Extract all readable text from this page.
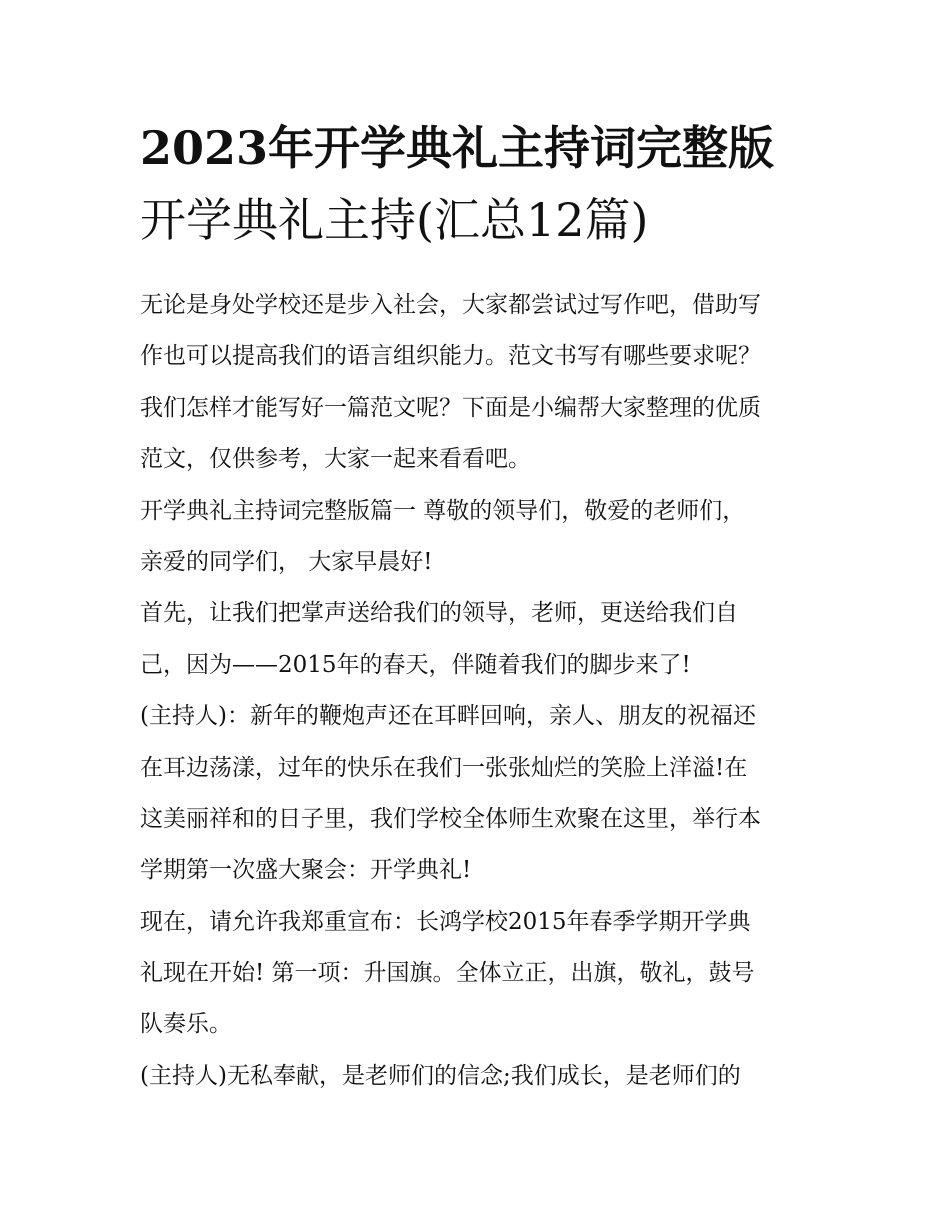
2023年开学典礼主持词完整版
开学典礼主持(汇总12篇)
无论是身处学校还是步入社会，大家都尝试过写作吧，借助写
作也可以提高我们的语言组织能力。范文书写有哪些要求呢？
我们怎样才能写好一篇范文呢？下面是小编帮大家整理的优质
范文，仅供参考，大家一起来看看吧。
开学典礼主持词完整版篇一 尊敬的领导们，敬爱的老师们，
亲爱的同学们， 大家早晨好!
首先，让我们把掌声送给我们的领导，老师，更送给我们自
己，因为——2015年的春天，伴随着我们的脚步来了!
(主持人)：新年的鞭炮声还在耳畔回响，亲人、朋友的祝福还
在耳边荡漾，过年的快乐在我们一张张灿烂的笑脸上洋溢!在
这美丽祥和的日子里，我们学校全体师生欢聚在这里，举行本
学期第一次盛大聚会：开学典礼!
现在，请允许我郑重宣布：长鸿学校2015年春季学期开学典
礼现在开始! 第一项：升国旗。全体立正，出旗，敬礼，鼓号
队奏乐。
(主持人)无私奉献，是老师们的信念;我们成长，是老师们的
